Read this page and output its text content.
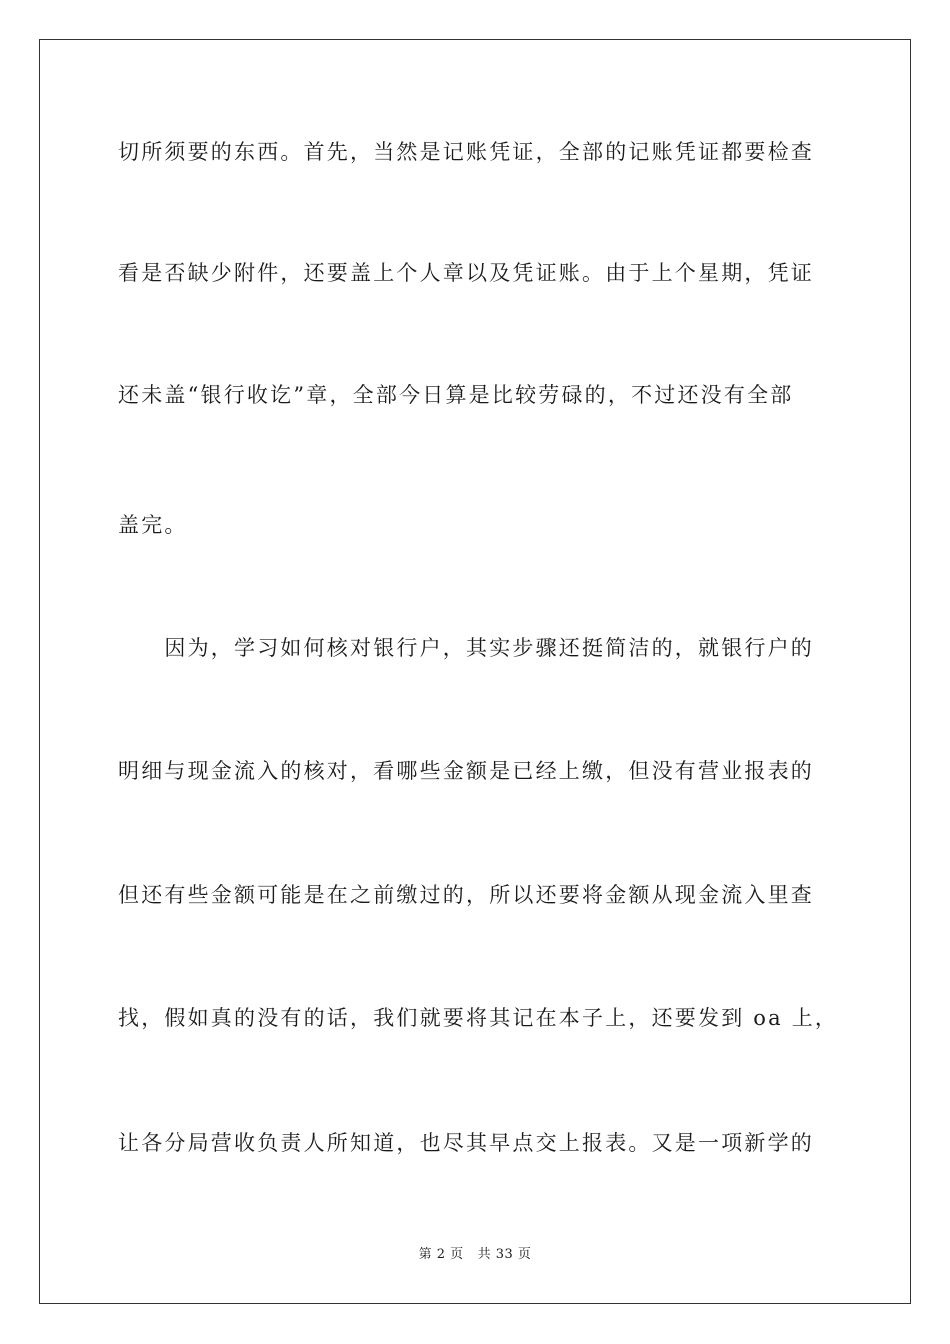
切所须要的东西。首先，当然是记账凭证，全部的记账凭证都要检查
看是否缺少附件，还要盖上个人章以及凭证账。由于上个星期，凭证
还未盖“银行收讫”章，全部今日算是比较劳碌的，不过还没有全部
盖完。
　　因为，学习如何核对银行户，其实步骤还挺简洁的，就银行户的
明细与现金流入的核对，看哪些金额是已经上缴，但没有营业报表的
但还有些金额可能是在之前缴过的，所以还要将金额从现金流入里查
找，假如真的没有的话，我们就要将其记在本子上，还要发到 oa 上，
让各分局营收负责人所知道，也尽其早点交上报表。又是一项新学的
第 2 页 共 33 页
